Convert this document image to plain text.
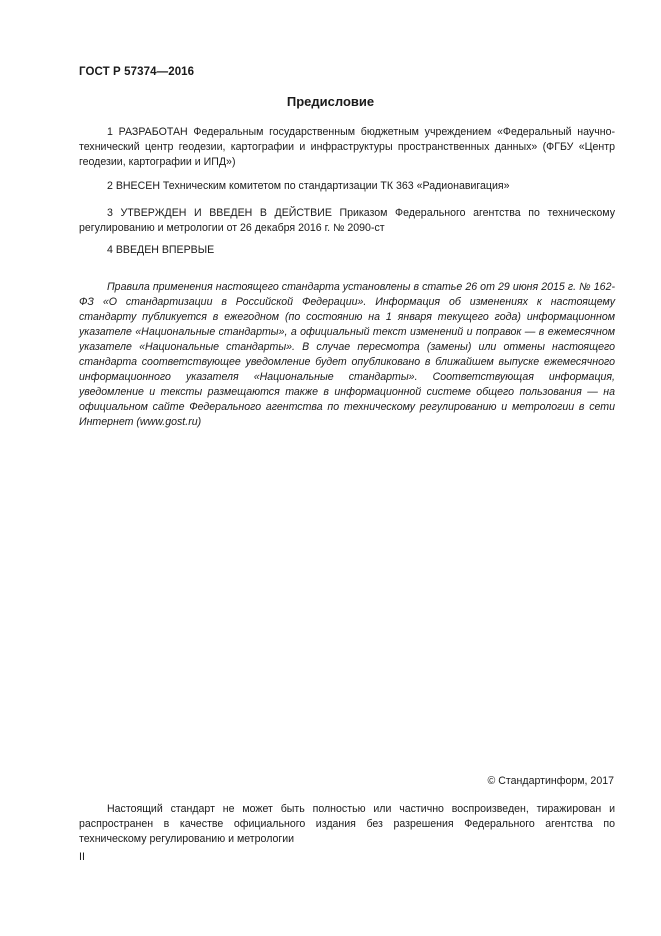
ГОСТ Р 57374—2016
Предисловие

1 РАЗРАБОТАН Федеральным государственным бюджетным учреждением «Федеральный научно-технический центр геодезии, картографии и инфраструктуры пространственных данных» (ФГБУ «Центр геодезии, картографии и ИПД»)

2 ВНЕСЕН Техническим комитетом по стандартизации ТК 363 «Радионавигация»

3 УТВЕРЖДЕН И ВВЕДЕН В ДЕЙСТВИЕ Приказом Федерального агентства по техническому регулированию и метрологии от 26 декабря 2016 г. № 2090-ст

4 ВВЕДЕН ВПЕРВЫЕ

Правила применения настоящего стандарта установлены в статье 26 от 29 июня 2015 г. № 162-ФЗ «О стандартизации в Российской Федерации». Информация об изменениях к настоящему стандарту публикуется в ежегодном (по состоянию на 1 января текущего года) информационном указателе «Национальные стандарты», а официальный текст изменений и поправок — в ежемесячном указателе «Национальные стандарты». В случае пересмотра (замены) или отмены настоящего стандарта соответствующее уведомление будет опубликовано в ближайшем выпуске ежемесячного информационного указателя «Национальные стандарты». Соответствующая информация, уведомление и тексты размещаются также в информационной системе общего пользования — на официальном сайте Федерального агентства по техническому регулированию и метрологии в сети Интернет (www.gost.ru)

© Стандартинформ, 2017

Настоящий стандарт не может быть полностью или частично воспроизведен, тиражирован и распространен в качестве официального издания без разрешения Федерального агентства по техническому регулированию и метрологии

II
